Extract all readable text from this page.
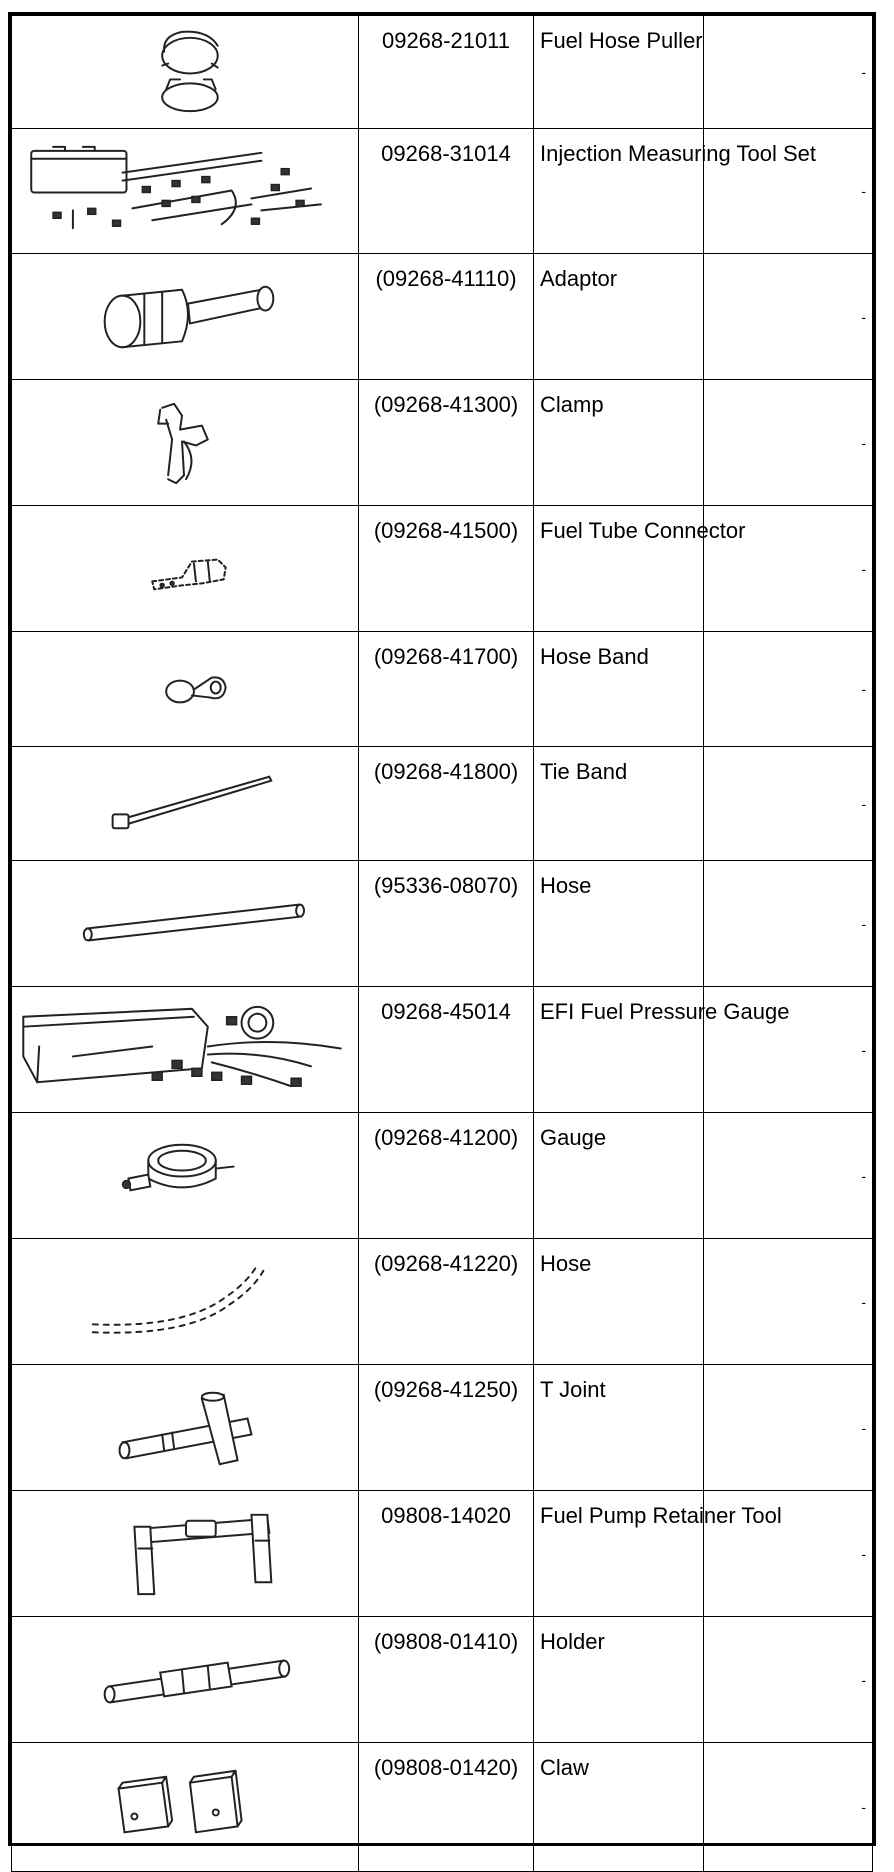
	09268-21011	Fuel Hose Puller	-

	09268-31014	Injection Measuring Tool Set	-

	(09268-41110)	Adaptor	-

	(09268-41300)	Clamp	-

	(09268-41500)	Fuel Tube Connector	-

	(09268-41700)	Hose Band	-

	(09268-41800)	Tie Band	-

	(95336-08070)	Hose	-

	09268-45014	EFI Fuel Pressure Gauge	-

	(09268-41200)	Gauge	-

	(09268-41220)	Hose	-

	(09268-41250)	T Joint	-

	09808-14020	Fuel Pump Retainer Tool	-

	(09808-01410)	Holder	-

	(09808-01420)	Claw	-
